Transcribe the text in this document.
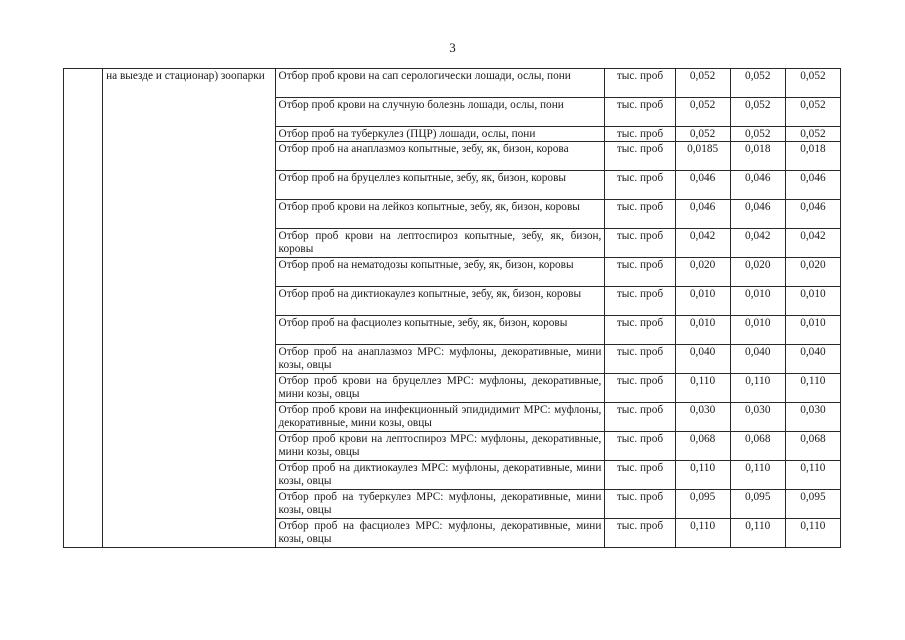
3
	на выезде и стационар) зоопарки	Отбор проб крови на сап серологически лошади, ослы, пони	тыс. проб	0,052	0,052	0,052
		Отбор проб крови на случную болезнь лошади, ослы, пони	тыс. проб	0,052	0,052	0,052
		Отбор проб на туберкулез (ПЦР) лошади, ослы, пони	тыс. проб	0,052	0,052	0,052
		Отбор проб на анаплазмоз копытные, зебу, як, бизон, корова	тыс. проб	0,0185	0,018	0,018
		Отбор проб на бруцеллез копытные, зебу, як, бизон, коровы	тыс. проб	0,046	0,046	0,046
		Отбор проб крови на лейкоз копытные, зебу, як, бизон, коровы	тыс. проб	0,046	0,046	0,046
		Отбор проб крови на лептоспироз копытные, зебу, як, бизон, коровы	тыс. проб	0,042	0,042	0,042
		Отбор проб на нематодозы копытные, зебу, як, бизон, коровы	тыс. проб	0,020	0,020	0,020
		Отбор проб на диктиокаулез копытные, зебу, як, бизон, коровы	тыс. проб	0,010	0,010	0,010
		Отбор проб на фасциолез копытные, зебу, як, бизон, коровы	тыс. проб	0,010	0,010	0,010
		Отбор проб на анаплазмоз МРС: муфлоны, декоративные, мини козы, овцы	тыс. проб	0,040	0,040	0,040
		Отбор проб крови на бруцеллез МРС: муфлоны, декоративные, мини козы, овцы	тыс. проб	0,110	0,110	0,110
		Отбор проб крови на инфекционный эпидидимит МРС: муфлоны, декоративные, мини козы, овцы	тыс. проб	0,030	0,030	0,030
		Отбор проб крови на лептоспироз МРС: муфлоны, декоративные, мини козы, овцы	тыс. проб	0,068	0,068	0,068
		Отбор проб на диктиокаулез МРС: муфлоны, декоративные, мини козы, овцы	тыс. проб	0,110	0,110	0,110
		Отбор проб на туберкулез МРС: муфлоны, декоративные, мини козы, овцы	тыс. проб	0,095	0,095	0,095
		Отбор проб на фасциолез МРС: муфлоны, декоративные, мини козы, овцы	тыс. проб	0,110	0,110	0,110
